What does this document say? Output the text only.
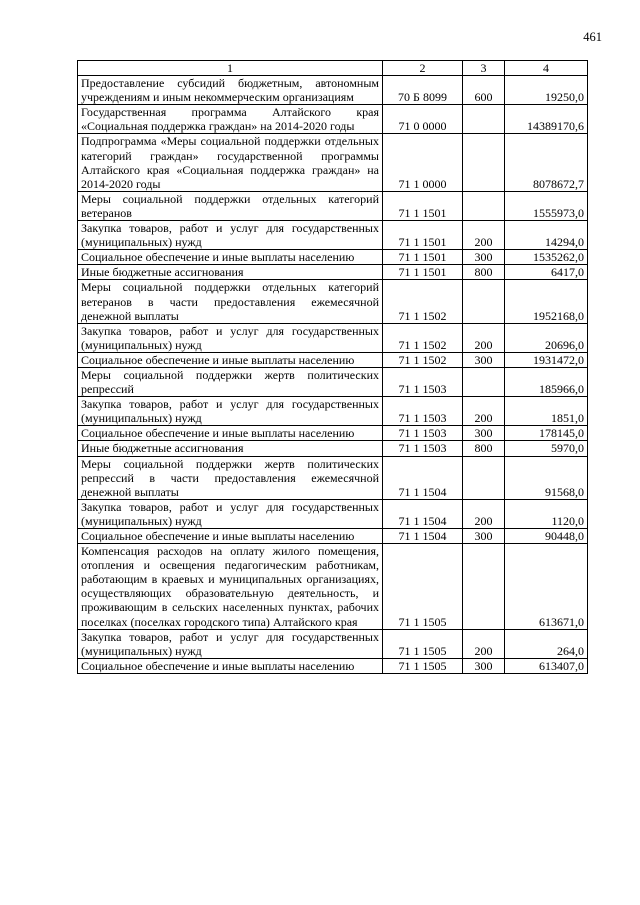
461
1	2	3	4
Предоставление субсидий бюджетным, автономным учреждениям и иным некоммерческим организациям	70 Б 8099	600	19250,0
Государственная программа Алтайского края «Социальная поддержка граждан» на 2014-2020 годы	71 0 0000		14389170,6
Подпрограмма «Меры социальной поддержки отдельных категорий граждан» государственной программы Алтайского края «Социальная поддержка граждан» на 2014-2020 годы	71 1 0000		8078672,7
Меры социальной поддержки отдельных категорий ветеранов	71 1 1501		1555973,0
Закупка товаров, работ и услуг для государственных (муниципальных) нужд	71 1 1501	200	14294,0
Социальное обеспечение и иные выплаты населению	71 1 1501	300	1535262,0
Иные бюджетные ассигнования	71 1 1501	800	6417,0
Меры социальной поддержки отдельных категорий ветеранов в части предоставления ежемесячной денежной выплаты	71 1 1502		1952168,0
Закупка товаров, работ и услуг для государственных (муниципальных) нужд	71 1 1502	200	20696,0
Социальное обеспечение и иные выплаты населению	71 1 1502	300	1931472,0
Меры социальной поддержки жертв политических репрессий	71 1 1503		185966,0
Закупка товаров, работ и услуг для государственных (муниципальных) нужд	71 1 1503	200	1851,0
Социальное обеспечение и иные выплаты населению	71 1 1503	300	178145,0
Иные бюджетные ассигнования	71 1 1503	800	5970,0
Меры социальной поддержки жертв политических репрессий в части предоставления ежемесячной денежной выплаты	71 1 1504		91568,0
Закупка товаров, работ и услуг для государственных (муниципальных) нужд	71 1 1504	200	1120,0
Социальное обеспечение и иные выплаты населению	71 1 1504	300	90448,0
Компенсация расходов на оплату жилого помещения, отопления и освещения педагогическим работникам, работающим в краевых и муниципальных организациях, осуществляющих образовательную деятельность, и проживающим в сельских населенных пунктах, рабочих поселках (поселках городского типа) Алтайского края	71 1 1505		613671,0
Закупка товаров, работ и услуг для государственных (муниципальных) нужд	71 1 1505	200	264,0
Социальное обеспечение и иные выплаты населению	71 1 1505	300	613407,0
